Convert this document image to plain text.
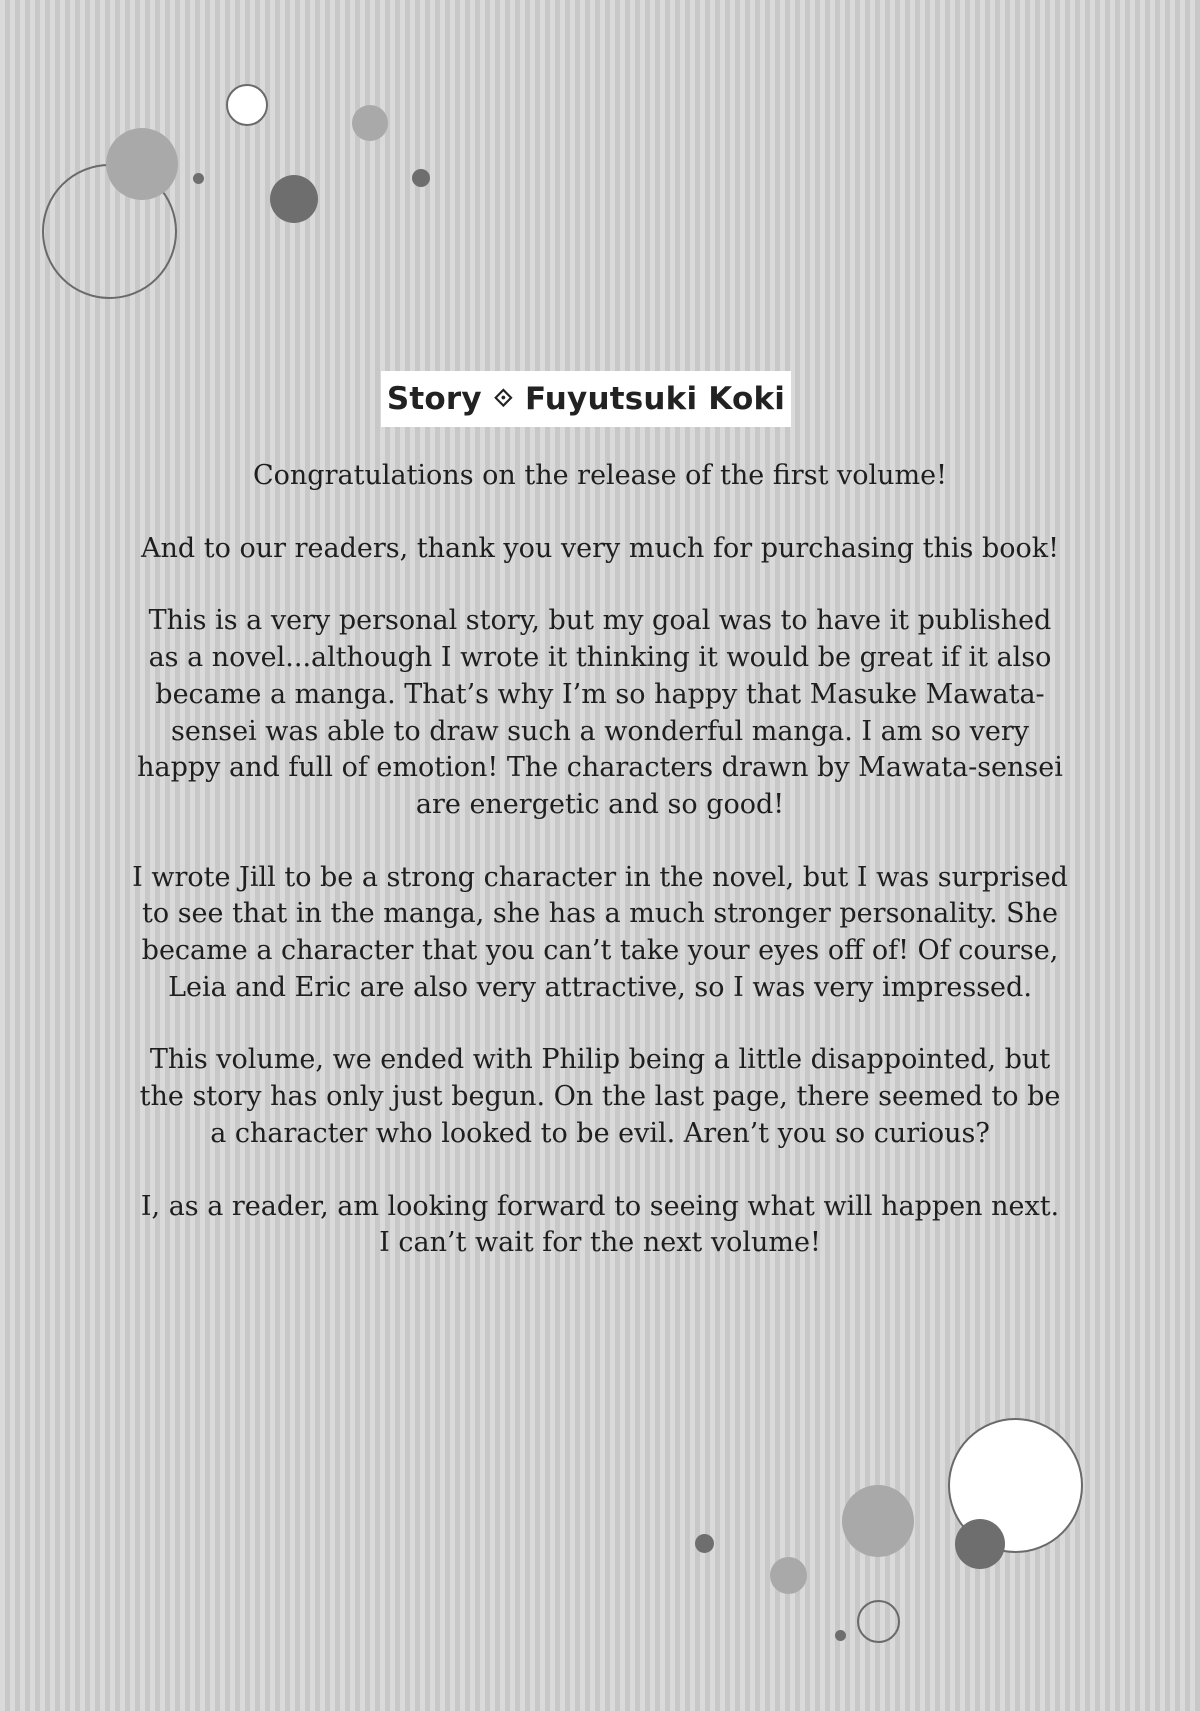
Story ⟐ Fuyutsuki Koki

Congratulations on the release of the first volume!

And to our readers, thank you very much for purchasing this book!

This is a very personal story, but my goal was to have it published
as a novel...although I wrote it thinking it would be great if it also
became a manga. That’s why I’m so happy that Masuke Mawata-
sensei was able to draw such a wonderful manga. I am so very
happy and full of emotion! The characters drawn by Mawata-sensei
are energetic and so good!

I wrote Jill to be a strong character in the novel, but I was surprised
to see that in the manga, she has a much stronger personality. She
became a character that you can’t take your eyes off of! Of course,
Leia and Eric are also very attractive, so I was very impressed.

This volume, we ended with Philip being a little disappointed, but
the story has only just begun. On the last page, there seemed to be
a character who looked to be evil. Aren’t you so curious?

I, as a reader, am looking forward to seeing what will happen next.
I can’t wait for the next volume!
